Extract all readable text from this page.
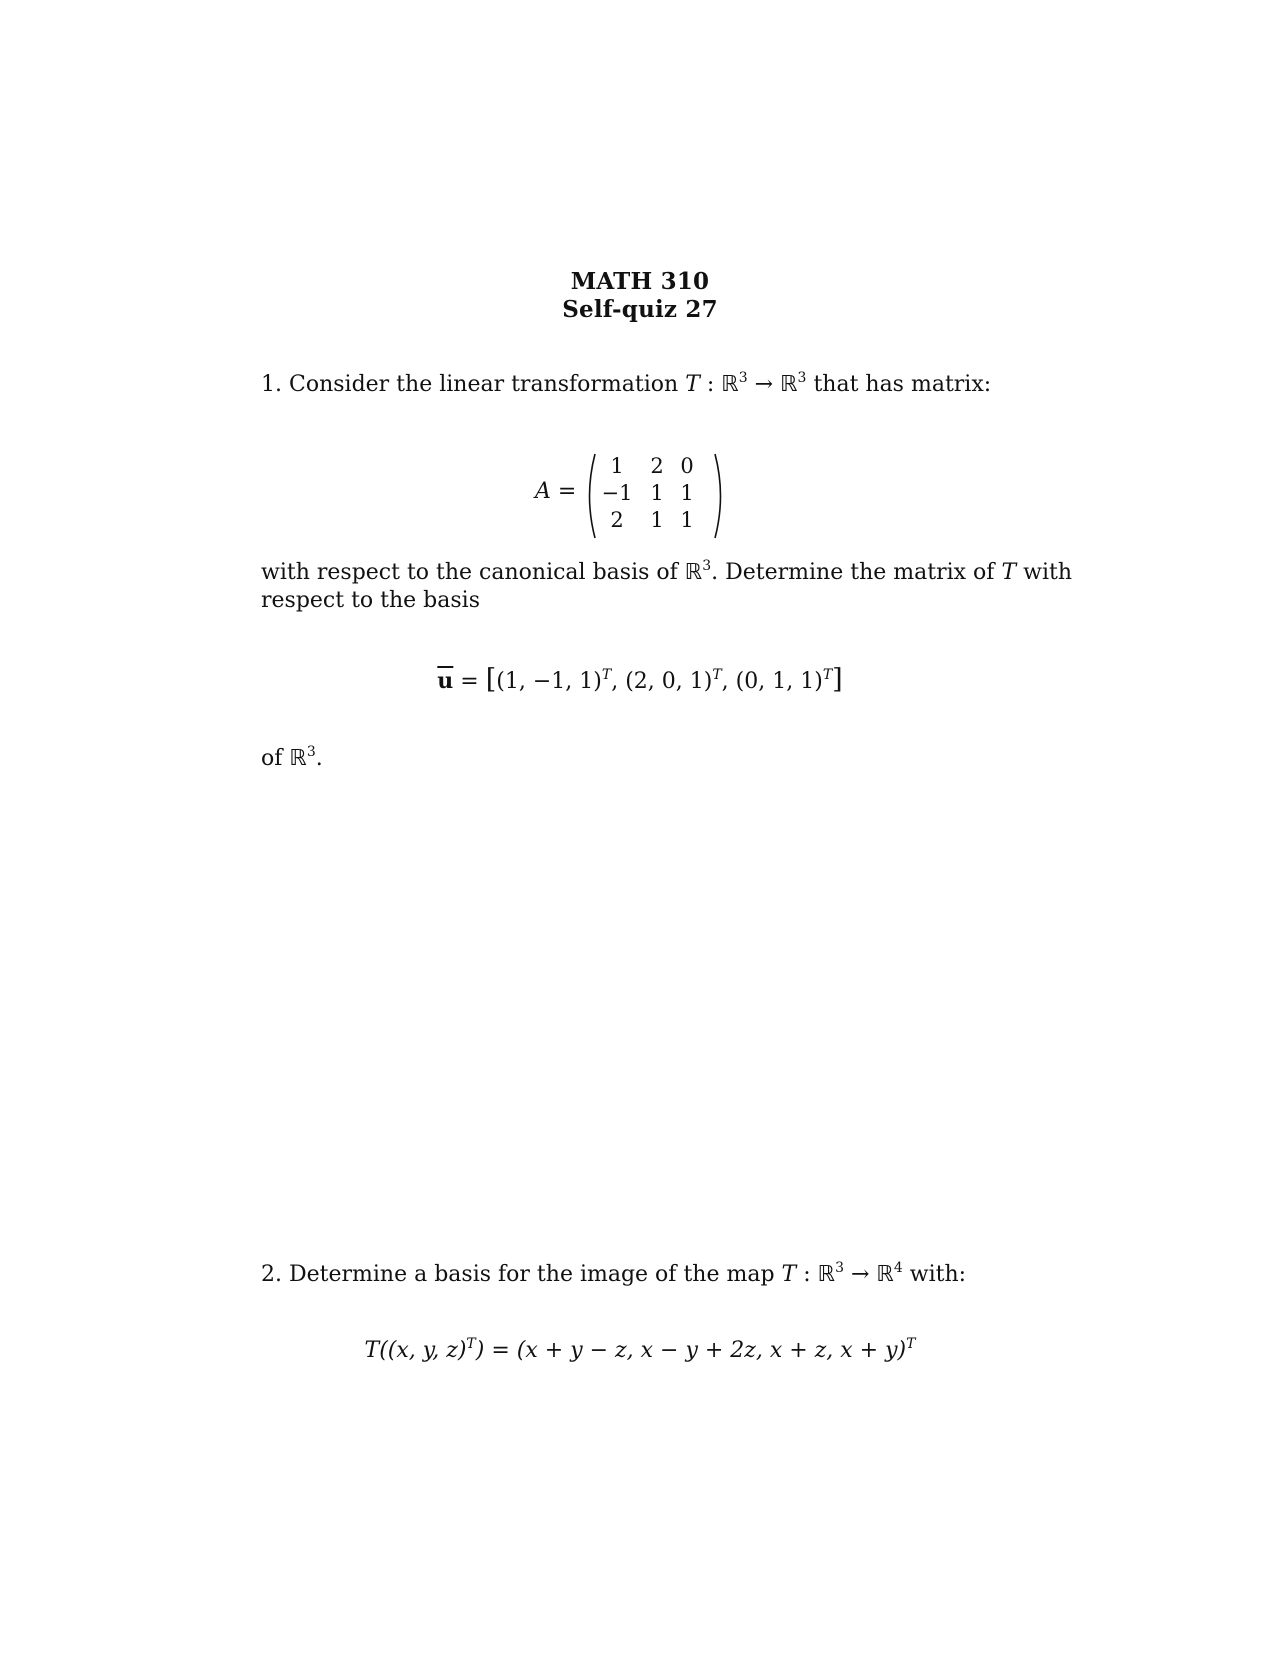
MATH 310
Self-quiz 27
1. Consider the linear transformation T : ℝ$^3$ → ℝ$^3$ that has matrix:
A =
1	2 0
−1 1 1
2	1 1
with respect to the canonical basis of ℝ$^3$. Determine the matrix of T with
respect to the basis
$\overline{u} = [(1$, −1, 1)$^T$, (2, 0, 1)$^T$, (0, 1, 1)$^T$]
of ℝ$^3$.
2. Determine a basis for the image of the map T : ℝ$^3$ → ℝ$^4$ with:
T((x, y, z)$^T$) = (x + y − z, x − y + 2z, x + z, x + y)$^T$
